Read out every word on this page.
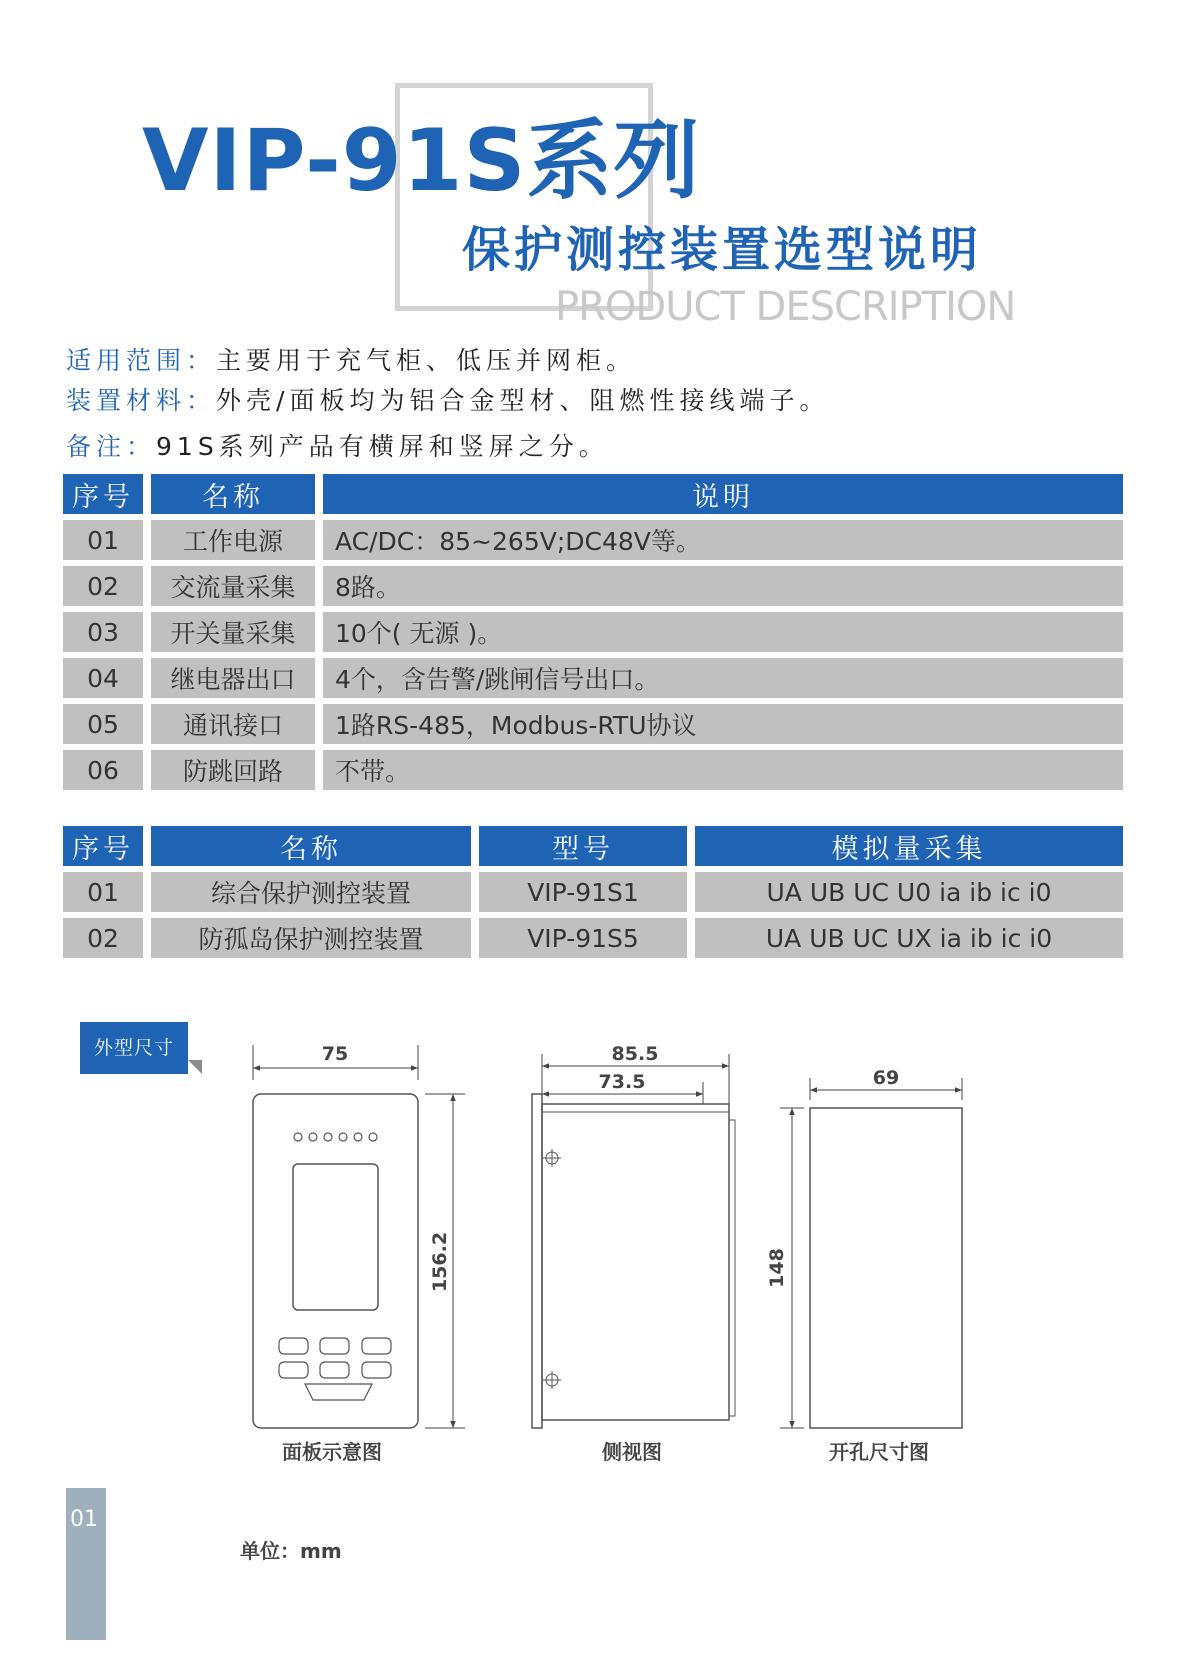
VIP-91S系列
保护测控装置选型说明
PRODUCT DESCRIPTION
适用范围：主要用于充气柜、低压并网柜。
装置材料：外壳/面板均为铝合金型材、阻燃性接线端子。
备注：91S系列产品有横屏和竖屏之分。
序号	名称	说明
01	工作电源	AC/DC：85~265V;DC48V等。
02	交流量采集	8路。
03	开关量采集	10个( 无源 )。
04	继电器出口	4个，含告警/跳闸信号出口。
05	通讯接口	1路RS-485，Modbus-RTU协议
06	防跳回路	不带。
序号	名称	型号	模拟量采集
01	综合保护测控装置	VIP-91S1	UA UB UC U0 ia ib ic i0
02	防孤岛保护测控装置	VIP-91S5	UA UB UC UX ia ib ic i0
外型尺寸	75
156.2
85.5
73.5	69
148
面板示意图	侧视图	开孔尺寸图
单位：mm
01
